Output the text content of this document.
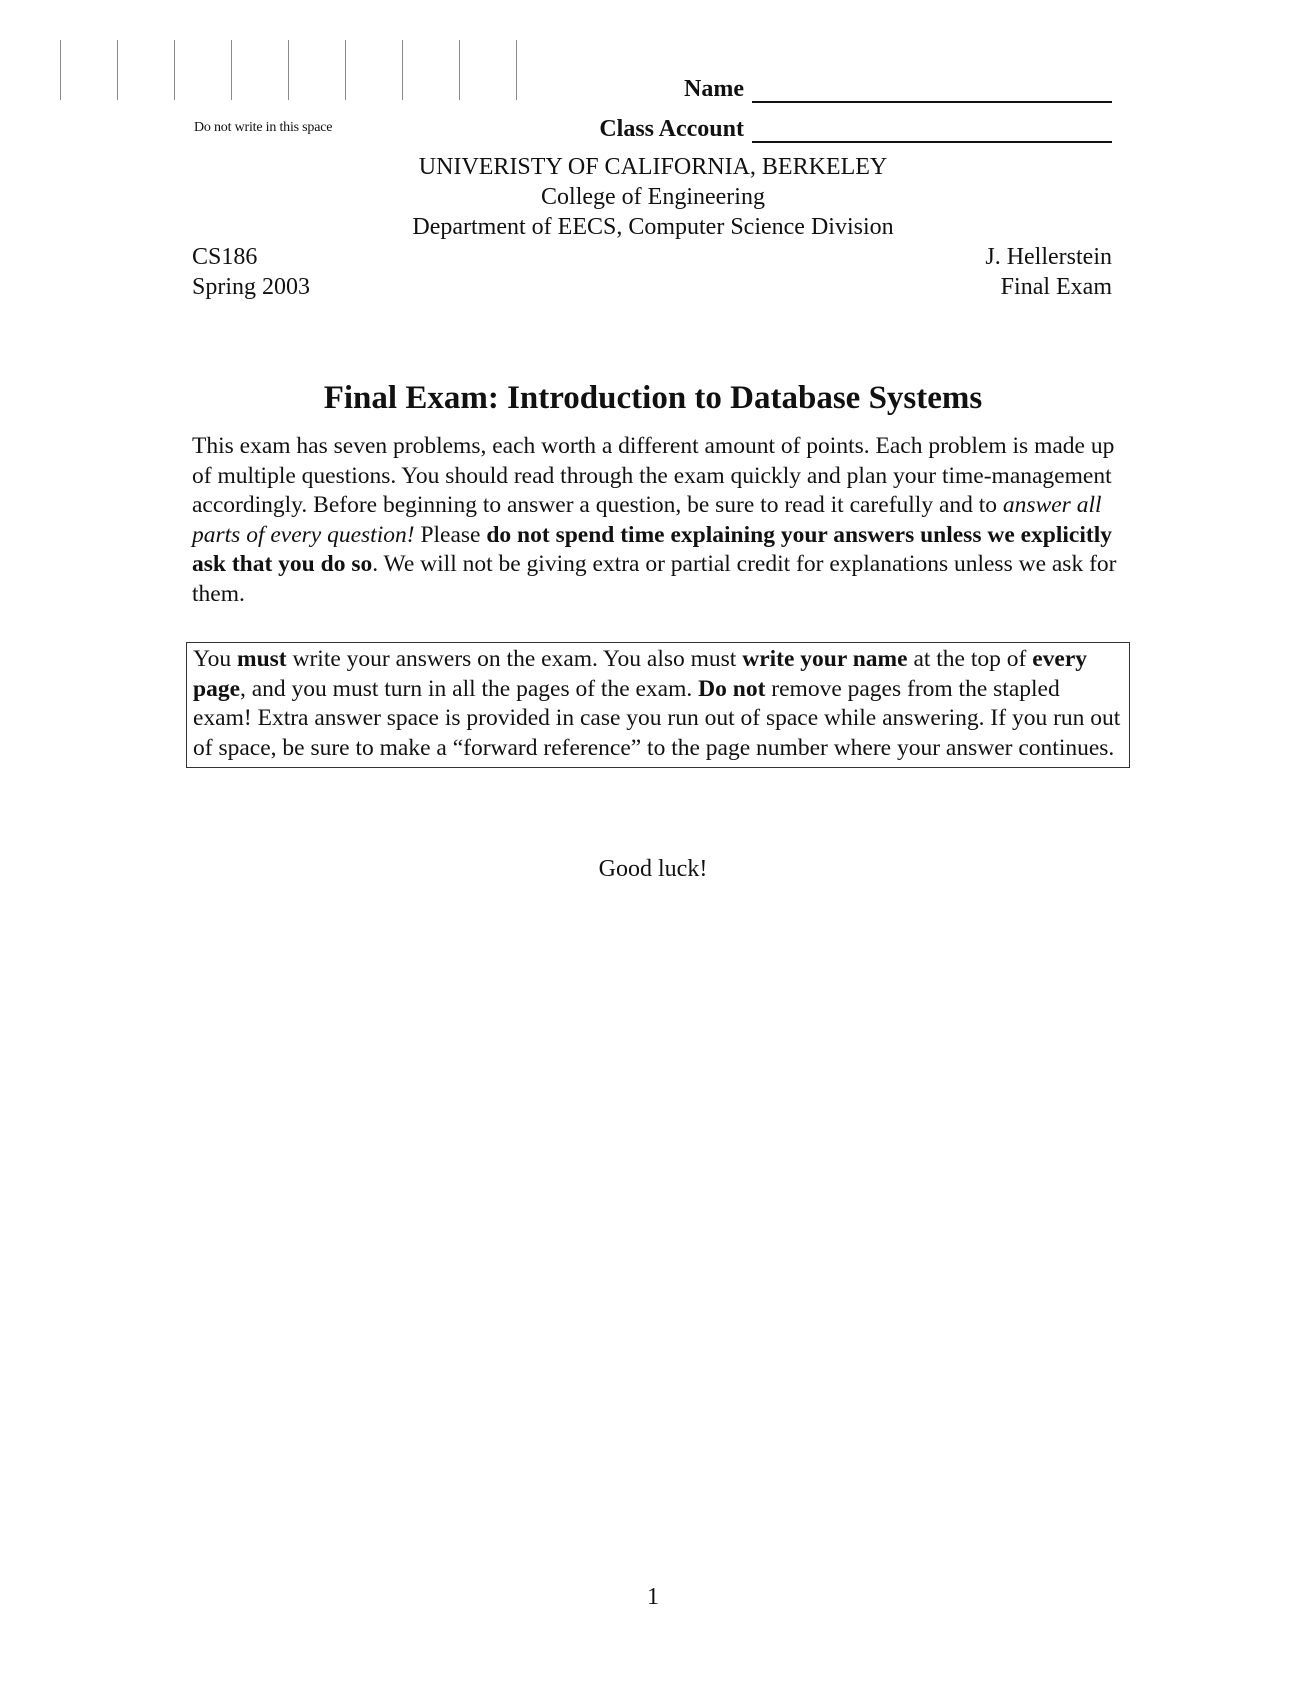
Do not write in this space
Name
Class Account
UNIVERISTY OF CALIFORNIA, BERKELEY
College of Engineering
Department of EECS, Computer Science Division
CS186
Spring 2003
J. Hellerstein
Final Exam
Final Exam: Introduction to Database Systems

This exam has seven problems, each worth a different amount of points. Each problem is made up of multiple questions. You should read through the exam quickly and plan your time-management accordingly. Before beginning to answer a question, be sure to read it carefully and to answer all parts of every question! Please do not spend time explaining your answers unless we explicitly ask that you do so. We will not be giving extra or partial credit for explanations unless we ask for them.

You must write your answers on the exam. You also must write your name at the top of every page, and you must turn in all the pages of the exam. Do not remove pages from the stapled exam! Extra answer space is provided in case you run out of space while answering. If you run out of space, be sure to make a “forward reference” to the page number where your answer continues.
Good luck!
1
